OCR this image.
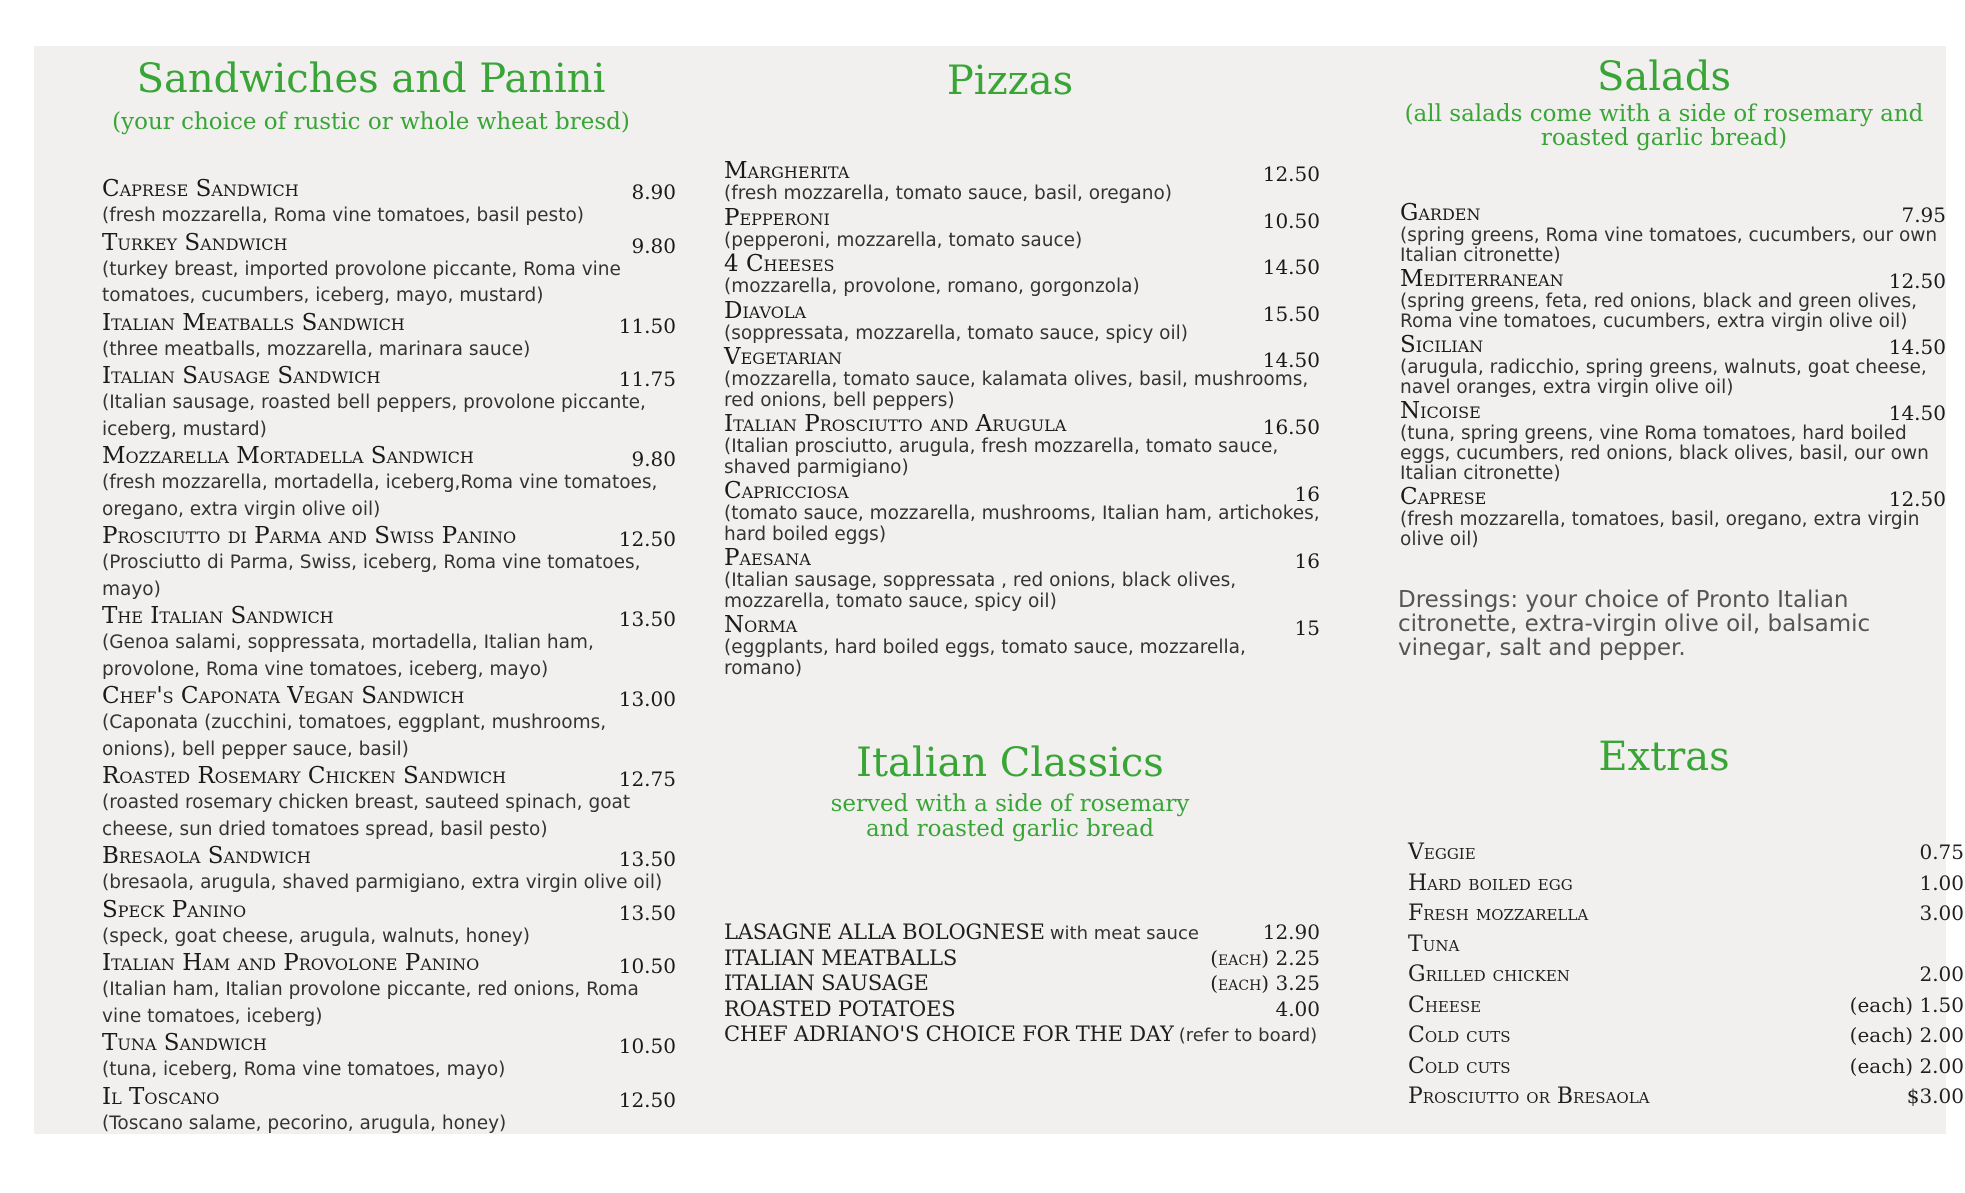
Sandwiches and Panini
(your choice of rustic or whole wheat bresd)
Caprese Sandwich	8.90
(fresh mozzarella, Roma vine tomatoes, basil pesto)
Turkey Sandwich	9.80
(turkey breast, imported provolone piccante, Roma vine tomatoes, cucumbers, iceberg, mayo, mustard)
Italian Meatballs Sandwich	11.50
(three meatballs, mozzarella, marinara sauce)
Italian Sausage Sandwich	11.75
(Italian sausage, roasted bell peppers, provolone piccante, iceberg, mustard)
Mozzarella Mortadella Sandwich	9.80
(fresh mozzarella, mortadella, iceberg,Roma vine tomatoes, oregano, extra virgin olive oil)
Prosciutto di Parma and Swiss Panino	12.50
(Prosciutto di Parma, Swiss, iceberg, Roma vine tomatoes, mayo)
The Italian Sandwich	13.50
(Genoa salami, soppressata, mortadella, Italian ham, provolone, Roma vine tomatoes, iceberg, mayo)
Chef's Caponata Vegan Sandwich	13.00
(Caponata (zucchini, tomatoes, eggplant, mushrooms, onions), bell pepper sauce, basil)
Roasted Rosemary Chicken Sandwich	12.75
(roasted rosemary chicken breast, sauteed spinach, goat cheese, sun dried tomatoes spread, basil pesto)
Bresaola Sandwich	13.50
(bresaola, arugula, shaved parmigiano, extra virgin olive oil)
Speck Panino	13.50
(speck, goat cheese, arugula, walnuts, honey)
Italian Ham and Provolone Panino	10.50
(Italian ham, Italian provolone piccante, red onions, Roma vine tomatoes, iceberg)
Tuna Sandwich	10.50
(tuna, iceberg, Roma vine tomatoes, mayo)
Il Toscano	12.50
(Toscano salame, pecorino, arugula, honey)
Pizzas
Margherita	12.50
(fresh mozzarella, tomato sauce, basil, oregano)
Pepperoni	10.50
(pepperoni, mozzarella, tomato sauce)
4 Cheeses	14.50
(mozzarella, provolone, romano, gorgonzola)
Diavola	15.50
(soppressata, mozzarella, tomato sauce, spicy oil)
Vegetarian	14.50
(mozzarella, tomato sauce, kalamata olives, basil, mushrooms, red onions, bell peppers)
Italian Prosciutto and Arugula	16.50
(Italian prosciutto, arugula, fresh mozzarella, tomato sauce, shaved parmigiano)
Capricciosa	16
(tomato sauce, mozzarella, mushrooms, Italian ham, artichokes, hard boiled eggs)
Paesana	16
(Italian sausage, soppressata , red onions, black olives, mozzarella, tomato sauce, spicy oil)
Norma	15
(eggplants, hard boiled eggs, tomato sauce, mozzarella, romano)
Italian Classics
served with a side of rosemary
and roasted garlic bread
LASAGNE ALLA BOLOGNESE with meat sauce	12.90
ITALIAN MEATBALLS	(each) 2.25
ITALIAN SAUSAGE	(each) 3.25
ROASTED POTATOES	4.00
CHEF ADRIANO'S CHOICE FOR THE DAY (refer to board)
Salads
(all salads come with a side of rosemary and
roasted garlic bread)
Garden	7.95
(spring greens, Roma vine tomatoes, cucumbers, our own Italian citronette)
Mediterranean	12.50
(spring greens, feta, red onions, black and green olives, Roma vine tomatoes, cucumbers, extra virgin olive oil)
Sicilian	14.50
(arugula, radicchio, spring greens, walnuts, goat cheese, navel oranges, extra virgin olive oil)
Nicoise	14.50
(tuna, spring greens, vine Roma tomatoes, hard boiled eggs, cucumbers, red onions, black olives, basil, our own Italian citronette)
Caprese	12.50
(fresh mozzarella, tomatoes, basil, oregano, extra virgin olive oil)
Dressings: your choice of Pronto Italian citronette, extra-virgin olive oil, balsamic vinegar, salt and pepper.
Extras
Veggie	0.75
Hard boiled egg	1.00
Fresh mozzarella	3.00
Tuna
Grilled chicken	2.00
Cheese	(each) 1.50
Cold cuts	(each) 2.00
Cold cuts	(each) 2.00
Prosciutto or Bresaola	$3.00
